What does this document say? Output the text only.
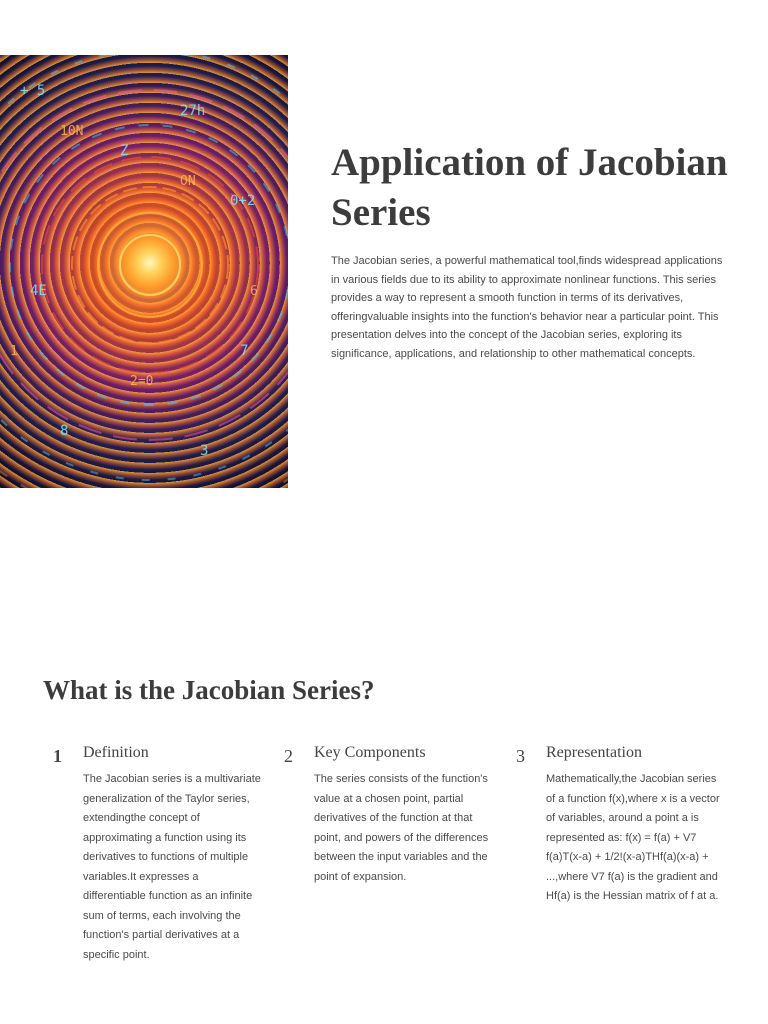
+ 5
27h
Z
0+2
4E
7
8
3
10N
ON
1
2=0
6
Application of Jacobian Series

The Jacobian series, a powerful mathematical tool,finds widespread applications in various fields due to its ability to approximate nonlinear functions. This series provides a way to represent a smooth function in terms of its derivatives, offeringvaluable insights into the function's behavior near a particular point. This presentation delves into the concept of the Jacobian series, exploring its significance, applications, and relationship to other mathematical concepts.

What is the Jacobian Series?
1 Definition

The Jacobian series is a multivariate generalization of the Taylor series, extendingthe concept of approximating a function using its derivatives to functions of multiple variables.It expresses a differentiable function as an infinite sum of terms, each involving the function's partial derivatives at a specific point.

2 Key Components

The series consists of the function's value at a chosen point, partial derivatives of the function at that point, and powers of the differences between the input variables and the point of expansion.

3 Representation

Mathematically,the Jacobian series of a function f(x),where x is a vector of variables, around a point a is represented as: f(x) = f(a) + V7 f(a)T(x-a) + 1/2!(x-a)THf(a)(x-a) + ...,where V7 f(a) is the gradient and Hf(a) is the Hessian matrix of f at a.
